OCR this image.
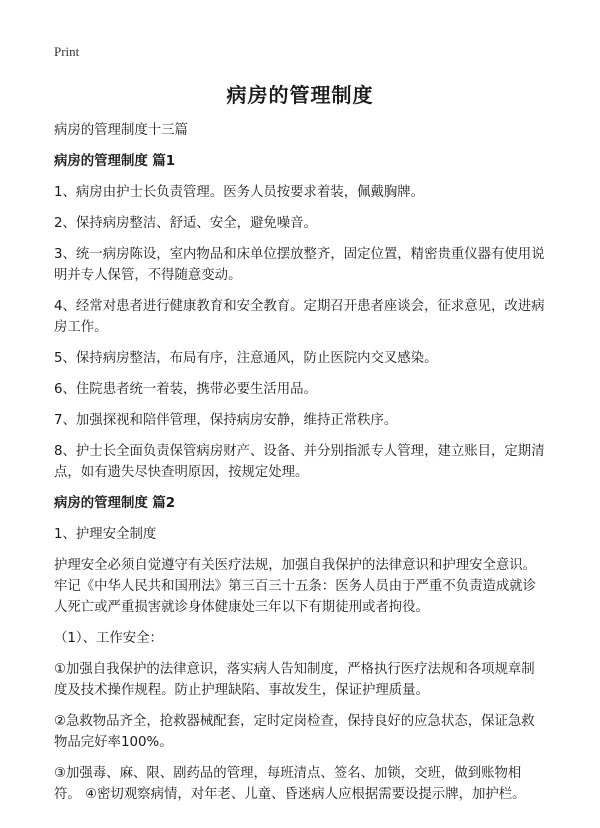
Print
病房的管理制度

病房的管理制度十三篇

病房的管理制度 篇1

1、病房由护士长负责管理。医务人员按要求着装，佩戴胸牌。

2、保持病房整洁、舒适、安全，避免噪音。

3、统一病房陈设，室内物品和床单位摆放整齐，固定位置，精密贵重仪器有使用说明并专人保管，不得随意变动。

4、经常对患者进行健康教育和安全教育。定期召开患者座谈会，征求意见，改进病房工作。

5、保持病房整洁，布局有序，注意通风，防止医院内交叉感染。

6、住院患者统一着装，携带必要生活用品。

7、加强探视和陪伴管理，保持病房安静，维持正常秩序。

8、护士长全面负责保管病房财产、设备、并分别指派专人管理，建立账目，定期清点，如有遗失尽快查明原因，按规定处理。

病房的管理制度 篇2

1、护理安全制度

护理安全必须自觉遵守有关医疗法规，加强自我保护的法律意识和护理安全意识。牢记《中华人民共和国刑法》第三百三十五条：医务人员由于严重不负责造成就诊人死亡或严重损害就诊身体健康处三年以下有期徒刑或者拘役。

（1）、工作安全：

①加强自我保护的法律意识，落实病人告知制度，严格执行医疗法规和各项规章制度及技术操作规程。防止护理缺陷、事故发生，保证护理质量。

②急救物品齐全，抢救器械配套，定时定岗检查，保持良好的应急状态，保证急救物品完好率100%。

③加强毒、麻、限、剧药品的管理，每班清点、签名、加锁，交班，做到账物相符。 ④密切观察病情，对年老、儿童、昏迷病人应根据需要设提示牌，加护栏。
